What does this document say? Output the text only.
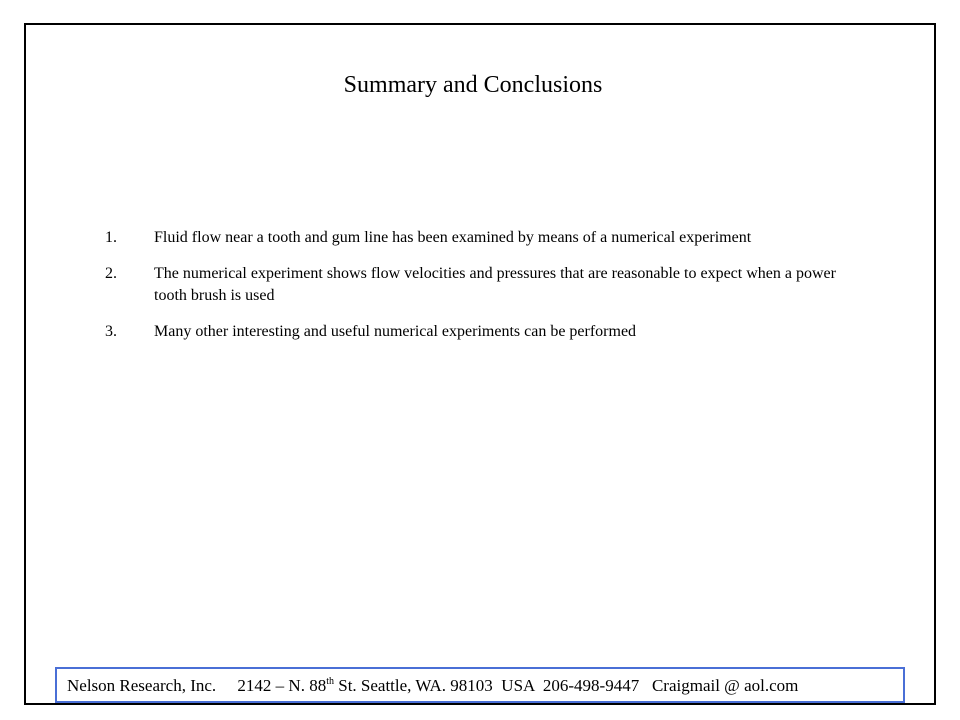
Summary and Conclusions
1.	Fluid flow near a tooth and gum line has been examined by means of a numerical experiment
2.	The numerical experiment shows flow velocities and pressures that are reasonable to expect when a power tooth brush is used
3.	Many other interesting and useful numerical experiments can be performed
Nelson Research, Inc. 2142 – N. 88th St. Seattle, WA. 98103  USA  206-498-9447 Craigmail @ aol.com
